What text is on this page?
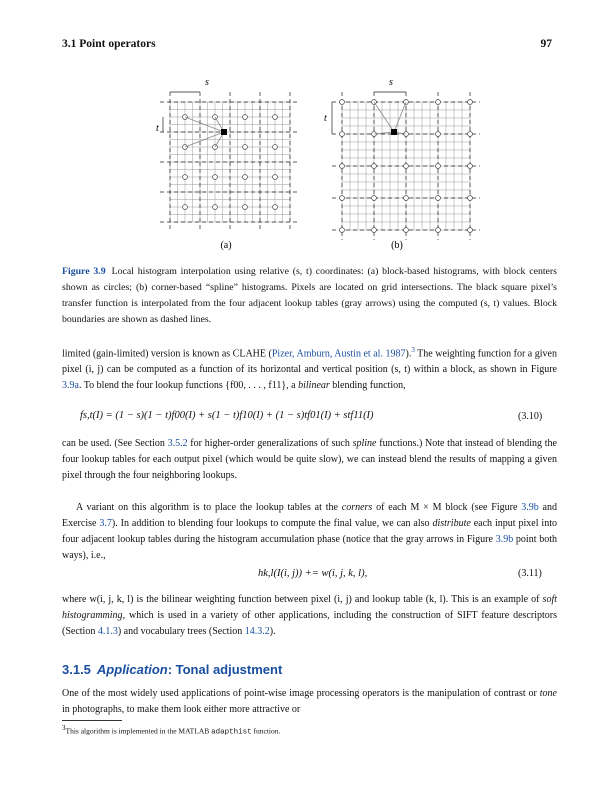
3.1 Point operators	97
s
t
s
t
(a)	(b)
Figure 3.9 Local histogram interpolation using relative (s, t) coordinates: (a) block-based histograms, with block centers shown as circles; (b) corner-based “spline” histograms. Pixels are located on grid intersections. The black square pixel’s transfer function is interpolated from the four adjacent lookup tables (gray arrows) using the computed (s, t) values. Block boundaries are shown as dashed lines.
limited (gain-limited) version is known as CLAHE (Pizer, Amburn, Austin et al. 1987).$^3$ The weighting function for a given pixel (i, j) can be computed as a function of its horizontal and vertical position (s, t) within a block, as shown in Figure 3.9a. To blend the four lookup functions {f00, . . . , f11}, a bilinear blending function,
fs,t(I) = (1 − s)(1 − t)f00(I) + s(1 − t)f10(I) + (1 − s)tf01(I) + stf11(I)	(3.10)
can be used. (See Section 3.5.2 for higher-order generalizations of such spline functions.) Note that instead of blending the four lookup tables for each output pixel (which would be quite slow), we can instead blend the results of mapping a given pixel through the four neighboring lookups.
A variant on this algorithm is to place the lookup tables at the corners of each M × M block (see Figure 3.9b and Exercise 3.7). In addition to blending four lookups to compute the final value, we can also distribute each input pixel into four adjacent lookup tables during the histogram accumulation phase (notice that the gray arrows in Figure 3.9b point both ways), i.e.,
hk,l(I(i, j)) += w(i, j, k, l),	(3.11)
where w(i, j, k, l) is the bilinear weighting function between pixel (i, j) and lookup table (k, l). This is an example of soft histogramming, which is used in a variety of other applications, including the construction of SIFT feature descriptors (Section 4.1.3) and vocabulary trees (Section 14.3.2).
3.1.5 Application: Tonal adjustment
One of the most widely used applications of point-wise image processing operators is the manipulation of contrast or tone in photographs, to make them look either more attractive or
$^3$This algorithm is implemented in the MATLAB adapthist function.
